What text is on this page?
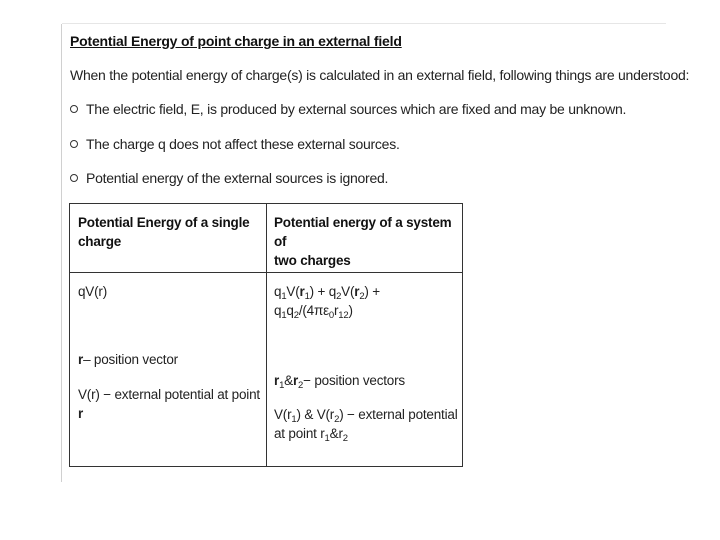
Potential Energy of point charge in an external field
When the potential energy of charge(s) is calculated in an external field, following things are understood:
The electric field, E, is produced by external sources which are fixed and may be unknown.
The charge q does not affect these external sources.
Potential energy of the external sources is ignored.
Potential Energy of a single
charge
Potential energy of a system of
two charges
qV(r)
r– position vector
V(r) − external potential at point
r
$q_1V(r_1) + q_2V(r_2)$ +
$q_1q_2/(4\pi\varepsilon_0r_{12})$
$r_1\&r_2-$ position vectors
$V(r_1)$ & $V(r_2)$ − external potential
at point $r_1\&r_2$
